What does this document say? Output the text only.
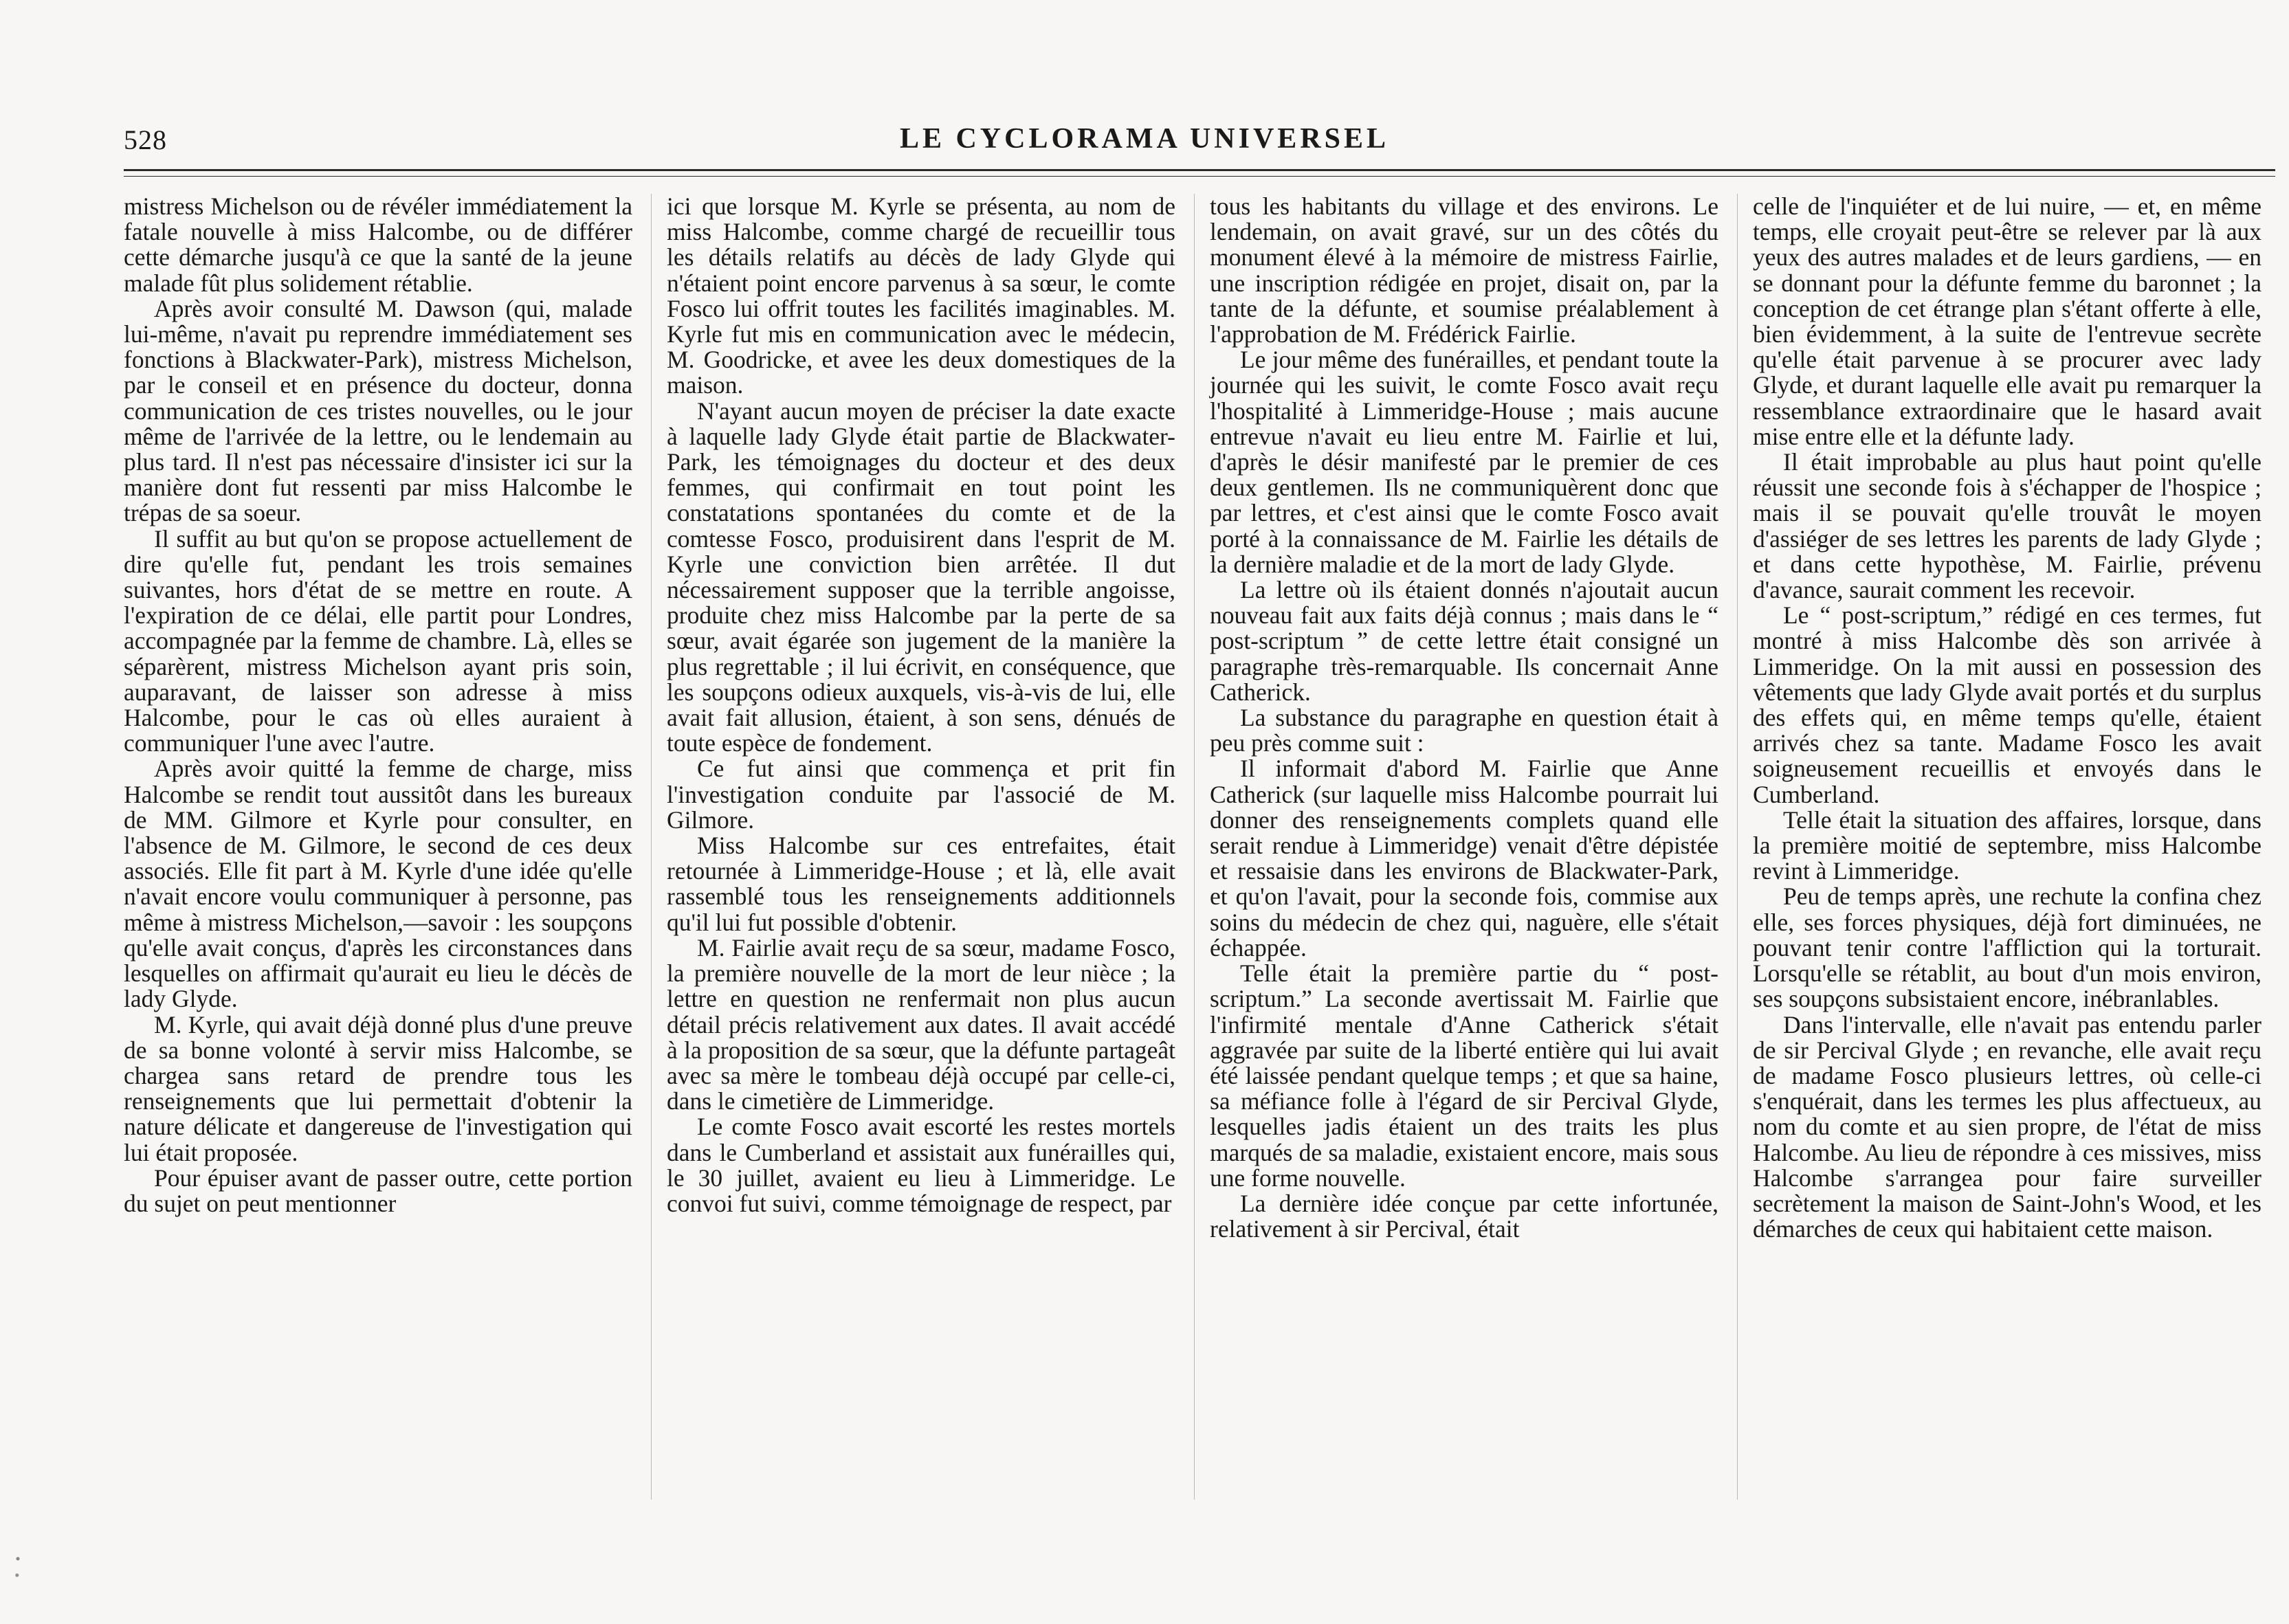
528	LE CYCLORAMA UNIVERSEL

mistress Michelson ou de révéler immédiatement la fatale nouvelle à miss Halcombe, ou de différer cette démarche jusqu'à ce que la santé de la jeune malade fût plus solidement rétablie.

Après avoir consulté M. Dawson (qui, malade lui-même, n'avait pu reprendre immédiatement ses fonctions à Blackwater-Park), mistress Michelson, par le conseil et en présence du docteur, donna communication de ces tristes nouvelles, ou le jour même de l'arrivée de la lettre, ou le lendemain au plus tard. Il n'est pas nécessaire d'insister ici sur la manière dont fut ressenti par miss Halcombe le trépas de sa soeur.

Il suffit au but qu'on se propose actuellement de dire qu'elle fut, pendant les trois semaines suivantes, hors d'état de se mettre en route. A l'expiration de ce délai, elle partit pour Londres, accompagnée par la femme de chambre. Là, elles se séparèrent, mistress Michelson ayant pris soin, auparavant, de laisser son adresse à miss Halcombe, pour le cas où elles auraient à communiquer l'une avec l'autre.

Après avoir quitté la femme de charge, miss Halcombe se rendit tout aussitôt dans les bureaux de MM. Gilmore et Kyrle pour consulter, en l'absence de M. Gilmore, le second de ces deux associés. Elle fit part à M. Kyrle d'une idée qu'elle n'avait encore voulu communiquer à personne, pas même à mistress Michelson,—savoir : les soupçons qu'elle avait conçus, d'après les circonstances dans lesquelles on affirmait qu'aurait eu lieu le décès de lady Glyde.

M. Kyrle, qui avait déjà donné plus d'une preuve de sa bonne volonté à servir miss Halcombe, se chargea sans retard de prendre tous les renseignements que lui permettait d'obtenir la nature délicate et dangereuse de l'investigation qui lui était proposée.

Pour épuiser avant de passer outre, cette portion du sujet on peut mentionner

ici que lorsque M. Kyrle se présenta, au nom de miss Halcombe, comme chargé de recueillir tous les détails relatifs au décès de lady Glyde qui n'étaient point encore parvenus à sa sœur, le comte Fosco lui offrit toutes les facilités imaginables. M. Kyrle fut mis en communication avec le médecin, M. Goodricke, et avee les deux domestiques de la maison.

N'ayant aucun moyen de préciser la date exacte à laquelle lady Glyde était partie de Blackwater-Park, les témoignages du docteur et des deux femmes, qui confirmait en tout point les constatations spontanées du comte et de la comtesse Fosco, produisirent dans l'esprit de M. Kyrle une conviction bien arrêtée. Il dut nécessairement supposer que la terrible angoisse, produite chez miss Halcombe par la perte de sa sœur, avait égarée son jugement de la manière la plus regrettable ; il lui écrivit, en conséquence, que les soupçons odieux auxquels, vis-à-vis de lui, elle avait fait allusion, étaient, à son sens, dénués de toute espèce de fondement.

Ce fut ainsi que commença et prit fin l'investigation conduite par l'associé de M. Gilmore.

Miss Halcombe sur ces entrefaites, était retournée à Limmeridge-House ; et là, elle avait rassemblé tous les renseignements additionnels qu'il lui fut possible d'obtenir.

M. Fairlie avait reçu de sa sœur, madame Fosco, la première nouvelle de la mort de leur nièce ; la lettre en question ne renfermait non plus aucun détail précis relativement aux dates. Il avait accédé à la proposition de sa sœur, que la défunte partageât avec sa mère le tombeau déjà occupé par celle-ci, dans le cimetière de Limmeridge.

Le comte Fosco avait escorté les restes mortels dans le Cumberland et assistait aux funérailles qui, le 30 juillet, avaient eu lieu à Limmeridge. Le convoi fut suivi, comme témoignage de respect, par

tous les habitants du village et des environs. Le lendemain, on avait gravé, sur un des côtés du monument élevé à la mémoire de mistress Fairlie, une inscription rédigée en projet, disait on, par la tante de la défunte, et soumise préalablement à l'approbation de M. Frédérick Fairlie.

Le jour même des funérailles, et pendant toute la journée qui les suivit, le comte Fosco avait reçu l'hospitalité à Limmeridge-House ; mais aucune entrevue n'avait eu lieu entre M. Fairlie et lui, d'après le désir manifesté par le premier de ces deux gentlemen. Ils ne communiquèrent donc que par lettres, et c'est ainsi que le comte Fosco avait porté à la connaissance de M. Fairlie les détails de la dernière maladie et de la mort de lady Glyde.

La lettre où ils étaient donnés n'ajoutait aucun nouveau fait aux faits déjà connus ; mais dans le “ post-scriptum ” de cette lettre était consigné un paragraphe très-remarquable. Ils concernait Anne Catherick.

La substance du paragraphe en question était à peu près comme suit :

Il informait d'abord M. Fairlie que Anne Catherick (sur laquelle miss Halcombe pourrait lui donner des renseignements complets quand elle serait rendue à Limmeridge) venait d'être dépistée et ressaisie dans les environs de Blackwater-Park, et qu'on l'avait, pour la seconde fois, commise aux soins du médecin de chez qui, naguère, elle s'était échappée.

Telle était la première partie du “ post-scriptum.” La seconde avertissait M. Fairlie que l'infirmité mentale d'Anne Catherick s'était aggravée par suite de la liberté entière qui lui avait été laissée pendant quelque temps ; et que sa haine, sa méfiance folle à l'égard de sir Percival Glyde, lesquelles jadis étaient un des traits les plus marqués de sa maladie, existaient encore, mais sous une forme nouvelle.

La dernière idée conçue par cette infortunée, relativement à sir Percival, était

celle de l'inquiéter et de lui nuire, — et, en même temps, elle croyait peut-être se relever par là aux yeux des autres malades et de leurs gardiens, — en se donnant pour la défunte femme du baronnet ; la conception de cet étrange plan s'étant offerte à elle, bien évidemment, à la suite de l'entrevue secrète qu'elle était parvenue à se procurer avec lady Glyde, et durant laquelle elle avait pu remarquer la ressemblance extraordinaire que le hasard avait mise entre elle et la défunte lady.

Il était improbable au plus haut point qu'elle réussit une seconde fois à s'échapper de l'hospice ; mais il se pouvait qu'elle trouvât le moyen d'assiéger de ses lettres les parents de lady Glyde ; et dans cette hypothèse, M. Fairlie, prévenu d'avance, saurait comment les recevoir.

Le “ post-scriptum,” rédigé en ces termes, fut montré à miss Halcombe dès son arrivée à Limmeridge. On la mit aussi en possession des vêtements que lady Glyde avait portés et du surplus des effets qui, en même temps qu'elle, étaient arrivés chez sa tante. Madame Fosco les avait soigneusement recueillis et envoyés dans le Cumberland.

Telle était la situation des affaires, lorsque, dans la première moitié de septembre, miss Halcombe revint à Limmeridge.

Peu de temps après, une rechute la confina chez elle, ses forces physiques, déjà fort diminuées, ne pouvant tenir contre l'affliction qui la torturait. Lorsqu'elle se rétablit, au bout d'un mois environ, ses soupçons subsistaient encore, inébranlables.

Dans l'intervalle, elle n'avait pas entendu parler de sir Percival Glyde ; en revanche, elle avait reçu de madame Fosco plusieurs lettres, où celle-ci s'enquérait, dans les termes les plus affectueux, au nom du comte et au sien propre, de l'état de miss Halcombe. Au lieu de répondre à ces missives, miss Halcombe s'arrangea pour faire surveiller secrètement la maison de Saint-John's Wood, et les démarches de ceux qui habitaient cette maison.
